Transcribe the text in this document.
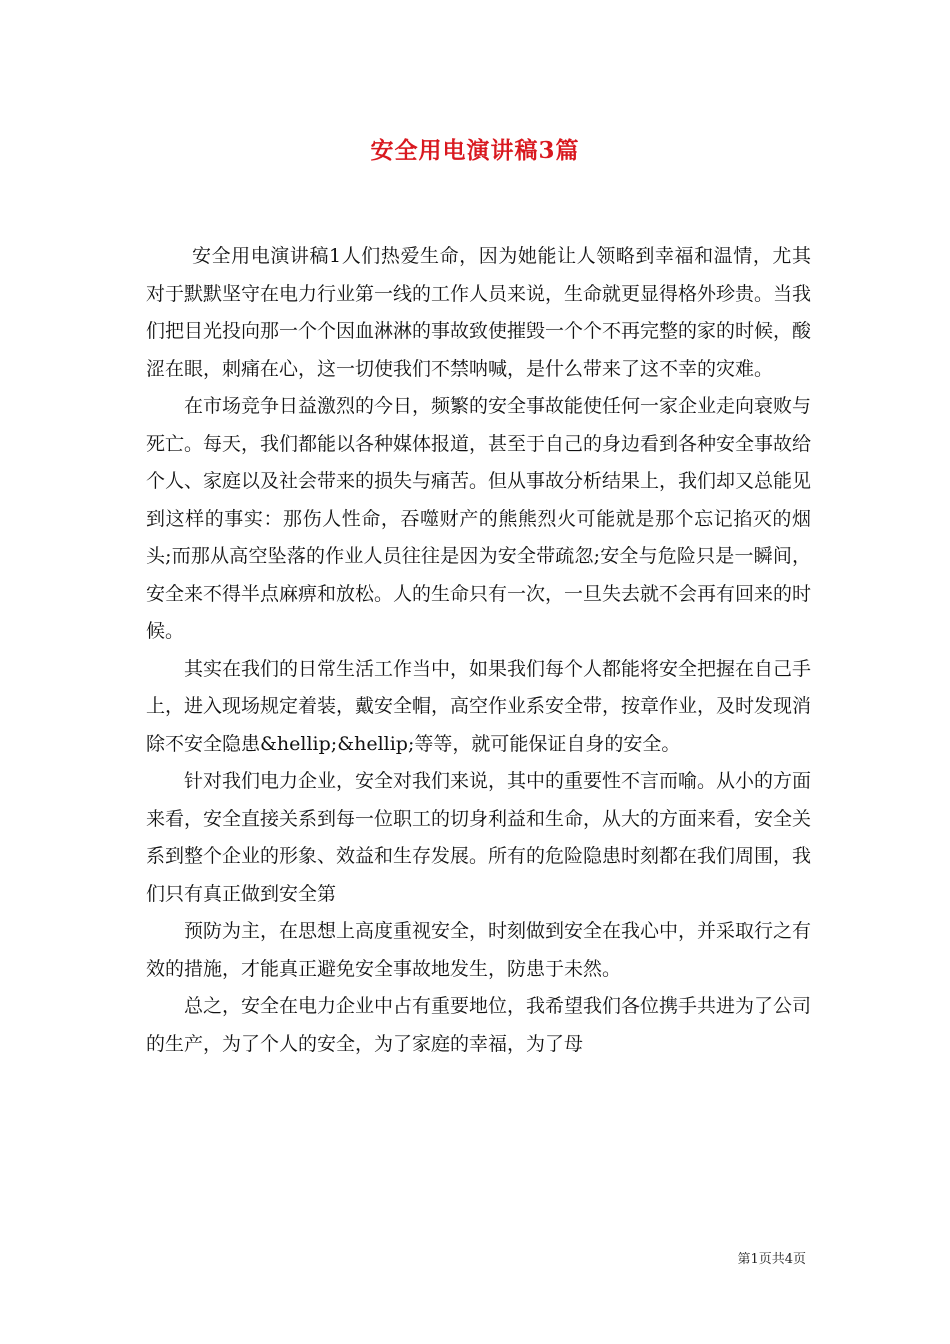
安全用电演讲稿3篇

安全用电演讲稿1人们热爱生命，因为她能让人领略到幸福和温情，尤其对于默默坚守在电力行业第一线的工作人员来说，生命就更显得格外珍贵。当我们把目光投向那一个个因血淋淋的事故致使摧毁一个个不再完整的家的时候，酸涩在眼，刺痛在心，这一切使我们不禁呐喊，是什么带来了这不幸的灾难。

在市场竞争日益激烈的今日，频繁的安全事故能使任何一家企业走向衰败与死亡。每天，我们都能以各种媒体报道，甚至于自己的身边看到各种安全事故给个人、家庭以及社会带来的损失与痛苦。但从事故分析结果上，我们却又总能见到这样的事实：那伤人性命，吞噬财产的熊熊烈火可能就是那个忘记掐灭的烟头;而那从高空坠落的作业人员往往是因为安全带疏忽;安全与危险只是一瞬间，安全来不得半点麻痹和放松。人的生命只有一次，一旦失去就不会再有回来的时候。

其实在我们的日常生活工作当中，如果我们每个人都能将安全把握在自己手上，进入现场规定着装，戴安全帽，高空作业系安全带，按章作业，及时发现消除不安全隐患&hellip;&hellip;等等，就可能保证自身的安全。

针对我们电力企业，安全对我们来说，其中的重要性不言而喻。从小的方面来看，安全直接关系到每一位职工的切身利益和生命，从大的方面来看，安全关系到整个企业的形象、效益和生存发展。所有的危险隐患时刻都在我们周围，我们只有真正做到安全第

预防为主，在思想上高度重视安全，时刻做到安全在我心中，并采取行之有效的措施，才能真正避免安全事故地发生，防患于未然。

总之，安全在电力企业中占有重要地位，我希望我们各位携手共进为了公司的生产，为了个人的安全，为了家庭的幸福，为了母

第1页共4页
